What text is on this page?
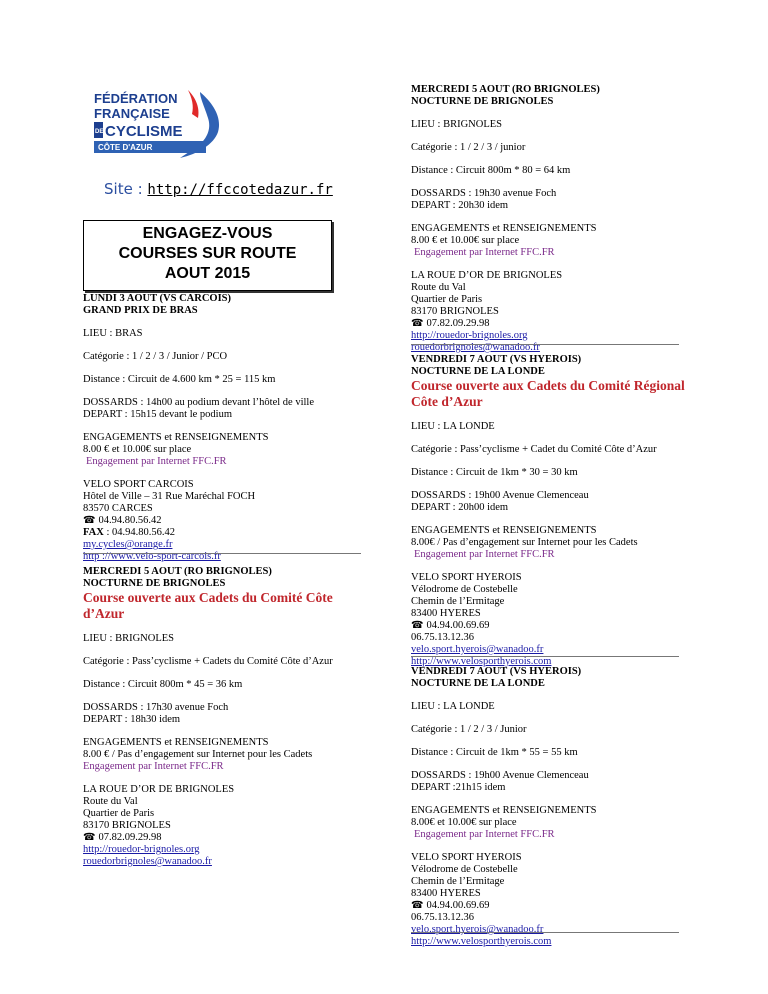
FÉDÉRATION
FRANÇAISE
DE CYCLISME
CÔTE D'AZUR
Site : http://ffccotedazur.fr
ENGAGEZ-VOUS
COURSES SUR ROUTE
AOUT 2015

LUNDI 3 AOUT (VS CARCOIS)

GRAND PRIX DE BRAS

LIEU : BRAS

Catégorie : 1 / 2 / 3 / Junior / PCO

Distance : Circuit de 4.600 km * 25 = 115 km

DOSSARDS : 14h00 au podium devant l’hôtel de ville

DEPART : 15h15 devant le podium

ENGAGEMENTS et RENSEIGNEMENTS

8.00 € et 10.00€ sur place

Engagement par Internet FFC.FR

VELO SPORT CARCOIS

Hôtel de Ville – 31 Rue Maréchal FOCH

83570 CARCES

☎ 04.94.80.56.42

FAX : 04.94.80.56.42

my.cycles@orange.fr

http ://www.velo-sport-carcois.fr

MERCREDI 5 AOUT (RO BRIGNOLES)

NOCTURNE DE BRIGNOLES

Course ouverte aux Cadets du Comité Côte d’Azur

LIEU : BRIGNOLES

Catégorie : Pass’cyclisme + Cadets du Comité Côte d’Azur

Distance : Circuit 800m * 45 = 36 km

DOSSARDS : 17h30 avenue Foch

DEPART : 18h30 idem

ENGAGEMENTS et RENSEIGNEMENTS

8.00 € / Pas d’engagement sur Internet pour les Cadets

Engagement par Internet FFC.FR

LA ROUE D’OR DE BRIGNOLES

Route du Val

Quartier de Paris

83170 BRIGNOLES

☎ 07.82.09.29.98

http://rouedor-brignoles.org

rouedorbrignoles@wanadoo.fr

MERCREDI 5 AOUT (RO BRIGNOLES)

NOCTURNE DE BRIGNOLES

LIEU : BRIGNOLES

Catégorie : 1 / 2 / 3 / junior

Distance : Circuit 800m * 80 = 64 km

DOSSARDS : 19h30 avenue Foch

DEPART : 20h30 idem

ENGAGEMENTS et RENSEIGNEMENTS

8.00 € et 10.00€ sur place

Engagement par Internet FFC.FR

LA ROUE D’OR DE BRIGNOLES

Route du Val

Quartier de Paris

83170 BRIGNOLES

☎ 07.82.09.29.98

http://rouedor-brignoles.org

rouedorbrignoles@wanadoo.fr

VENDREDI 7 AOUT (VS HYEROIS)

NOCTURNE DE LA LONDE

Course ouverte aux Cadets du Comité Régional Côte d’Azur

LIEU : LA LONDE

Catégorie : Pass’cyclisme + Cadet du Comité Côte d’Azur

Distance : Circuit de 1km * 30 = 30 km

DOSSARDS : 19h00 Avenue Clemenceau

DEPART : 20h00 idem

ENGAGEMENTS et RENSEIGNEMENTS

8.00€ / Pas d’engagement sur Internet pour les Cadets

Engagement par Internet FFC.FR

VELO SPORT HYEROIS

Vélodrome de Costebelle

Chemin de l’Ermitage

83400 HYERES

☎ 04.94.00.69.69

06.75.13.12.36

velo.sport.hyerois@wanadoo.fr

http://www.velosporthyerois.com

VENDREDI 7 AOUT (VS HYEROIS)

NOCTURNE DE LA LONDE

LIEU : LA LONDE

Catégorie : 1 / 2 / 3 / Junior

Distance : Circuit de 1km * 55 = 55 km

DOSSARDS : 19h00 Avenue Clemenceau

DEPART :21h15 idem

ENGAGEMENTS et RENSEIGNEMENTS

8.00€ et 10.00€ sur place

Engagement par Internet FFC.FR

VELO SPORT HYEROIS

Vélodrome de Costebelle

Chemin de l’Ermitage

83400 HYERES

☎ 04.94.00.69.69

06.75.13.12.36

velo.sport.hyerois@wanadoo.fr

http://www.velosporthyerois.com
